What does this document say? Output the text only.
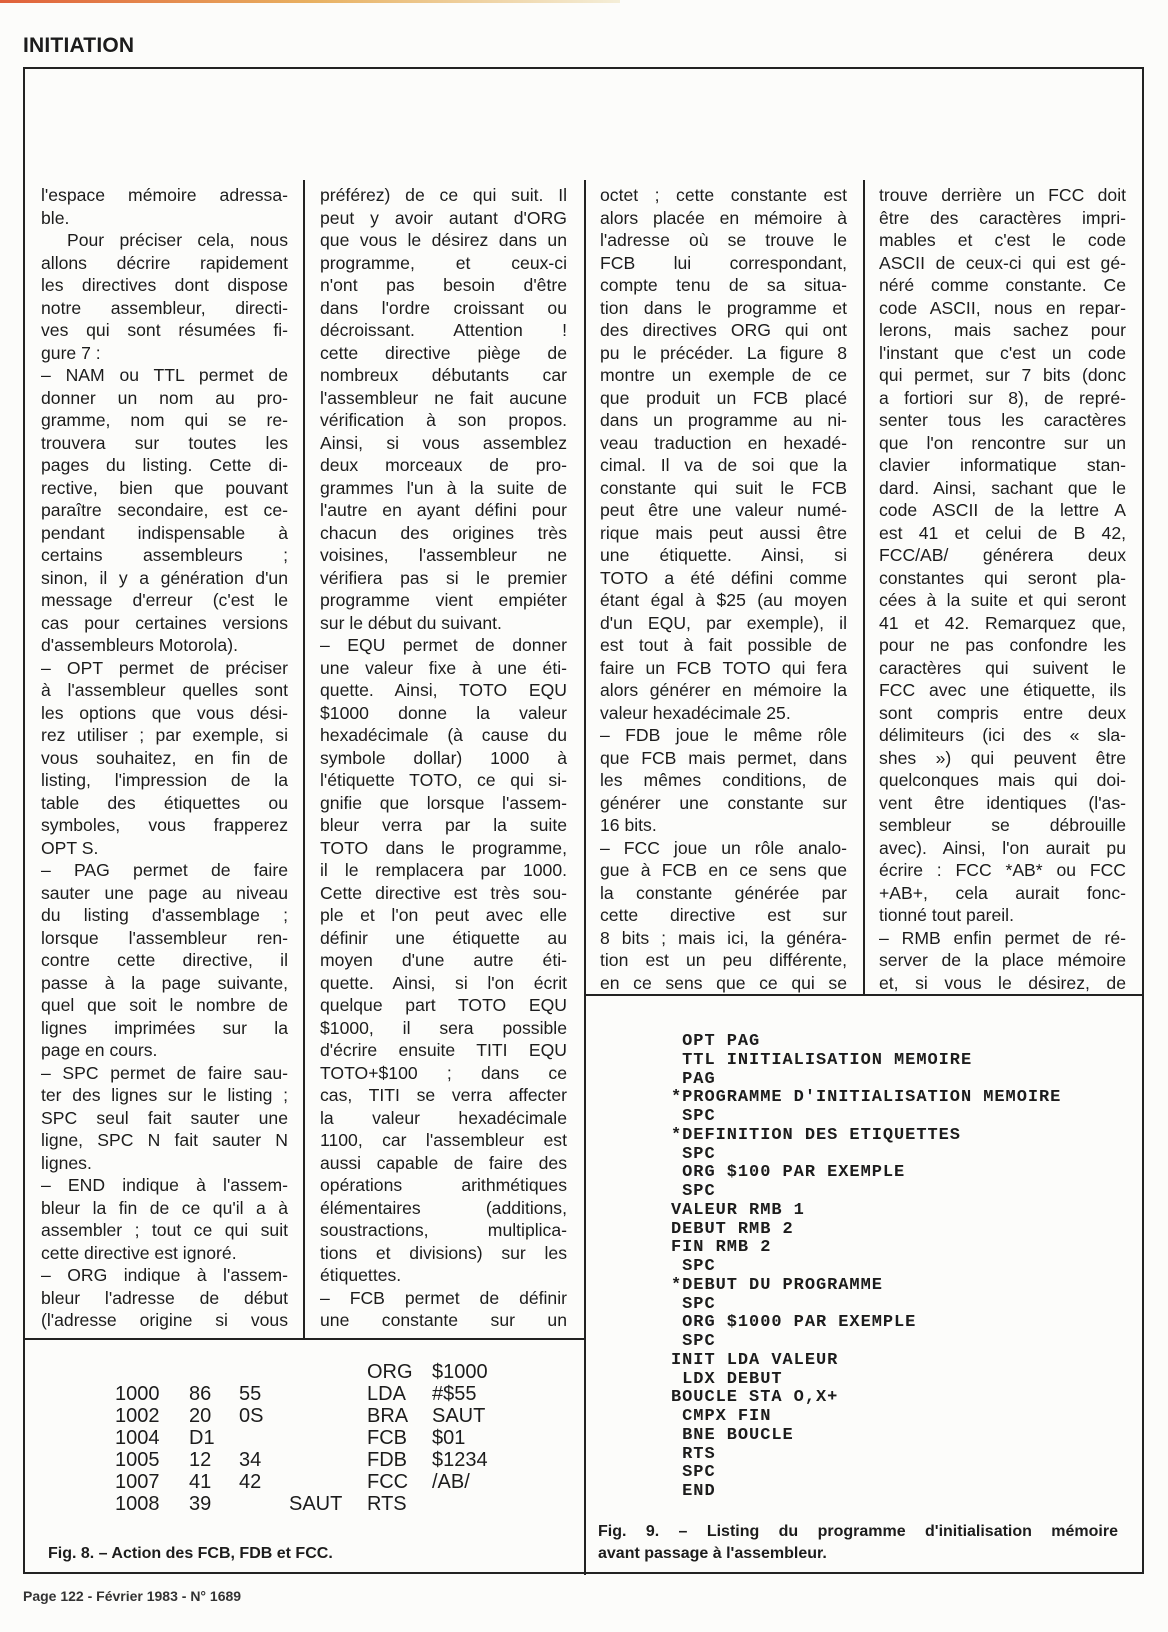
INITIATION
l'espace mémoire adressa-
ble.
Pour préciser cela, nous
allons décrire rapidement
les directives dont dispose
notre assembleur, directi-
ves qui sont résumées fi-
gure 7 :
– NAM ou TTL permet de
donner un nom au pro-
gramme, nom qui se re-
trouvera sur toutes les
pages du listing. Cette di-
rective, bien que pouvant
paraître secondaire, est ce-
pendant indispensable à
certains assembleurs ;
sinon, il y a génération d'un
message d'erreur (c'est le
cas pour certaines versions
d'assembleurs Motorola).
– OPT permet de préciser
à l'assembleur quelles sont
les options que vous dési-
rez utiliser ; par exemple, si
vous souhaitez, en fin de
listing, l'impression de la
table des étiquettes ou
symboles, vous frapperez
OPT S.
– PAG permet de faire
sauter une page au niveau
du listing d'assemblage ;
lorsque l'assembleur ren-
contre cette directive, il
passe à la page suivante,
quel que soit le nombre de
lignes imprimées sur la
page en cours.
– SPC permet de faire sau-
ter des lignes sur le listing ;
SPC seul fait sauter une
ligne, SPC N fait sauter N
lignes.
– END indique à l'assem-
bleur la fin de ce qu'il a à
assembler ; tout ce qui suit
cette directive est ignoré.
– ORG indique à l'assem-
bleur l'adresse de début
(l'adresse origine si vous
préférez) de ce qui suit. Il
peut y avoir autant d'ORG
que vous le désirez dans un
programme, et ceux-ci
n'ont pas besoin d'être
dans l'ordre croissant ou
décroissant. Attention !
cette directive piège de
nombreux débutants car
l'assembleur ne fait aucune
vérification à son propos.
Ainsi, si vous assemblez
deux morceaux de pro-
grammes l'un à la suite de
l'autre en ayant défini pour
chacun des origines très
voisines, l'assembleur ne
vérifiera pas si le premier
programme vient empiéter
sur le début du suivant.
– EQU permet de donner
une valeur fixe à une éti-
quette. Ainsi, TOTO EQU
$1000 donne la valeur
hexadécimale (à cause du
symbole dollar) 1000 à
l'étiquette TOTO, ce qui si-
gnifie que lorsque l'assem-
bleur verra par la suite
TOTO dans le programme,
il le remplacera par 1000.
Cette directive est très sou-
ple et l'on peut avec elle
définir une étiquette au
moyen d'une autre éti-
quette. Ainsi, si l'on écrit
quelque part TOTO EQU
$1000, il sera possible
d'écrire ensuite TITI EQU
TOTO+$100 ; dans ce
cas, TITI se verra affecter
la valeur hexadécimale
1100, car l'assembleur est
aussi capable de faire des
opérations arithmétiques
élémentaires (additions,
soustractions, multiplica-
tions et divisions) sur les
étiquettes.
– FCB permet de définir
une constante sur un
octet ; cette constante est
alors placée en mémoire à
l'adresse où se trouve le
FCB lui correspondant,
compte tenu de sa situa-
tion dans le programme et
des directives ORG qui ont
pu le précéder. La figure 8
montre un exemple de ce
que produit un FCB placé
dans un programme au ni-
veau traduction en hexadé-
cimal. Il va de soi que la
constante qui suit le FCB
peut être une valeur numé-
rique mais peut aussi être
une étiquette. Ainsi, si
TOTO a été défini comme
étant égal à $25 (au moyen
d'un EQU, par exemple), il
est tout à fait possible de
faire un FCB TOTO qui fera
alors générer en mémoire la
valeur hexadécimale 25.
– FDB joue le même rôle
que FCB mais permet, dans
les mêmes conditions, de
générer une constante sur
16 bits.
– FCC joue un rôle analo-
gue à FCB en ce sens que
la constante générée par
cette directive est sur
8 bits ; mais ici, la généra-
tion est un peu différente,
en ce sens que ce qui se
trouve derrière un FCC doit
être des caractères impri-
mables et c'est le code
ASCII de ceux-ci qui est gé-
néré comme constante. Ce
code ASCII, nous en repar-
lerons, mais sachez pour
l'instant que c'est un code
qui permet, sur 7 bits (donc
a fortiori sur 8), de repré-
senter tous les caractères
que l'on rencontre sur un
clavier informatique stan-
dard. Ainsi, sachant que le
code ASCII de la lettre A
est 41 et celui de B 42,
FCC/AB/ générera deux
constantes qui seront pla-
cées à la suite et qui seront
41 et 42. Remarquez que,
pour ne pas confondre les
caractères qui suivent le
FCC avec une étiquette, ils
sont compris entre deux
délimiteurs (ici des « sla-
shes ») qui peuvent être
quelconques mais qui doi-
vent être identiques (l'as-
sembleur se débrouille
avec). Ainsi, l'on aurait pu
écrire : FCC *AB* ou FCC
+AB+, cela aurait fonc-
tionné tout pareil.
– RMB enfin permet de ré-
server de la place mémoire
et, si vous le désirez, de
ORG $1000
1000 86 55	LDA #$55
1002 20 0S	BRA SAUT
1004 D1	FCB $01
1005 12 34	FDB $1234
1007 41 42	FCC /AB/
1008 39	SAUT RTS
Fig. 8. – Action des FCB, FDB et FCC.
OPT PAG
TTL INITIALISATION MEMOIRE
PAG
*PROGRAMME D'INITIALISATION MEMOIRE
SPC
*DEFINITION DES ETIQUETTES
SPC
ORG $100 PAR EXEMPLE
SPC
VALEUR RMB 1
DEBUT RMB 2
FIN RMB 2
SPC
*DEBUT DU PROGRAMME
SPC
ORG $1000 PAR EXEMPLE
SPC
INIT LDA VALEUR
LDX DEBUT
BOUCLE STA O,X+
CMPX FIN
BNE BOUCLE
RTS
SPC
END
Fig. 9. – Listing du programme d'initialisation mémoire
avant passage à l'assembleur.
Page 122 - Février 1983 - N° 1689
